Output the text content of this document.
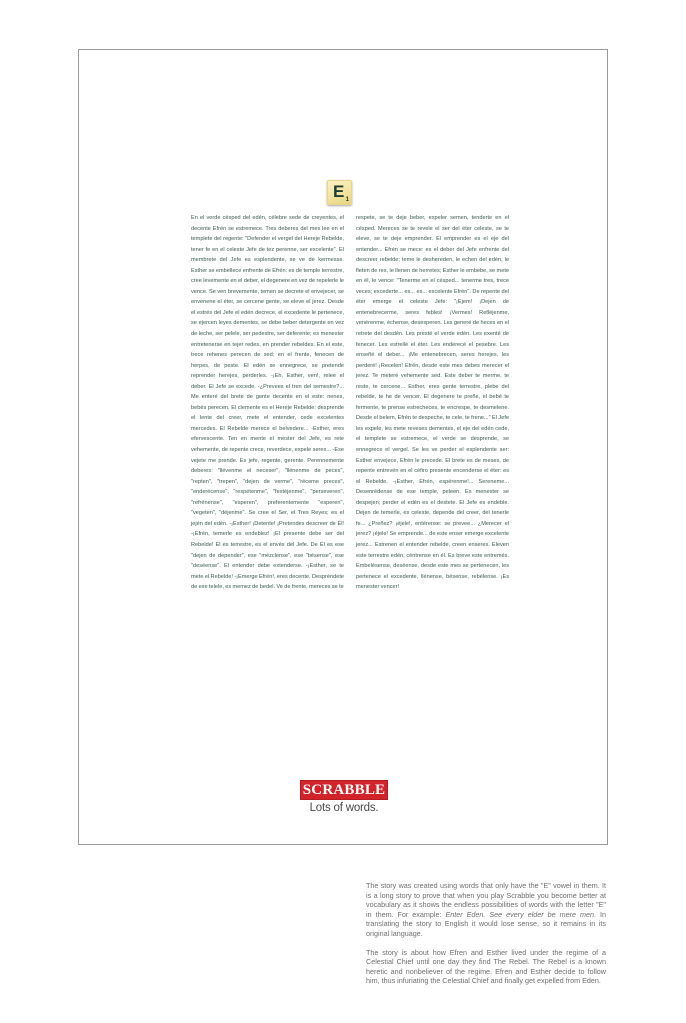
E 1
En el verde césped del edén, célebre sede de creyentes, el decente Efrén se estremece. Tres deberes del mes lee en el templete del regente: "Defender el vergel del Hereje Rebelde, tener fe en el celeste Jefe de tez perenne, ser excelente". El membrete del Jefe es esplendente, se ve de kermesse. Esther se embellece enfrente de Efrén: es de temple terrestre, cree levemente en el deber, el degenere en vez de repelerle le vence. Se ven brevemente, temen se decrete el envejecer, se envenene el éter, se cercene gente, se eleve el jerez. Desde el estrés del Jefe el edén decrece, el excedente le pertenece, se ejercen leyes dementes, se debe beber detergente en vez de leche, ser pelele, ser pedestre, ser deferente; es menester entretenerse en tejer redes, en prender rebeldes. En el este, trece rehenes perecen de sed; en el frente, fenecen de herpes, de peste. El edén se ennegrece, se pretende reprender herejes, perderles. -¡Eh, Esther, ven!, relee el deber. El Jefe se excede. -¿Prevees el tren del semestre?... Me enteré del brete de gente decente en el este: nenes, bebés perecen. El clemente es el Hereje Rebelde: desprende el lente del creer, mete el entender, cede excelentes mercedes. El Rebelde merece el belvedere... -Esther, eres efervescente. Ten en mente el mester del Jefe, es rete vehemente, de repente crece, reverdece, expele seres... -Ese vejete me prende. Es jefe, regente, gerente. Perennemente deberes: "llévenme el neceser", "llénenme de peces", "repten", "trepen", "dejen de verme", "réceme preces", "enderécense", "respétenme", "festéjenme", "perseveren", "refrénense", "esperen", preferentemente "esperen", "vegeten", "déjenme". Se cree el Ser, el Tres Reyes; es el jején del edén. -¡Esther! ¡Detente! ¡Pretendes descreer de Él! -¡Efrén, temerle es endeblez! ¡El presente debe ser del Rebelde! Él es terrestre, es el envés del Jefe. De Él es ese "dejen de depender", ese "mézclense", ese "bésense", ese "deséense". El entender debe extenderse. -¡Esther, se te mete el Rebelde! -¡Emerge Efrén!, eres decente. Despréndete de ese telele, es memez de bedel. Ve de frente, mereces se te
respete, se te deje beber, expeler semen, tenderte en el césped. Mereces se te revele el ser del éter celeste, se te eleve, se te deje emprender. El emprender es el eje del entender... Efrén se mece: es el deber del Jefe enfrente del descreer rebelde; teme le deshereden, le echen del edén, le fleten de res, le llenen de herretes; Esther le embebe, se mete en él, le vence: "Tenerme en el césped... tenerme tres, trece veces; excederte... es... es... excelente Efrén". De repente del éter emerge el celeste Jefe: "¡Ejem! ¡Dejen de entenebrecerme, seres febles! ¡Vermes! Refléjenme, venérenme, échense, desesperen. Les generé de heces en el retrete del desdén. Les presté el verde edén. Les exenté de fenecer. Les estrellé el éter. Les enderecé el pesebre. Les enseñé el deber... ¡Me entenebrecen, seres herejes, les perderé! ¡Recelen! Efrén, desde este mes debes merecer el jerez. Te meteré vehemente sed. Este deber te merme, te reste, te cercene... Esther, eres gente terrestre, plebe del rebelde, te he de vencer. El degenere te preñe, el bebé te fermente, te prense estrecheces, te encrespe, te desmelene. Desde el belem, Efrén te despeche, te cele, te frene..." El Jefe les expele, les mete reveses dementes, el eje del edén cede, el templete se estremece, el verde se desprende, se ennegrece el vergel. Se les ve perder el esplendente ser: Esther envejece, Efrén le precede. El brete es de meses, de repente entrevén en el céfiro presente encenderse el éter: es el Rebelde. -¡Esther, Efrén, espérenme!... Sereneme... Desenrédense de ese temple, peleen. Es menester se despejen; perder el edén es el destete. El Jefe es endeble. Dejen de temerle, es celeste, depende del creer, del tenerle fe... ¿Preñez? ¡éjele!, entérense: se prevee... ¿Merecer el jerez? ¡éjele! Se emprende... de este enser emerge excelente jerez... Estrenen el entender rebelde, creen enseres. Eleven este terrestre edén, céntrense en él. Es breve este entremés. Embelésense, deséense, desde este mes se pertenecen, les pertenece el excedente, llénense, bésense, rebélense. ¡Es menester vencer!
SCRABBLE
Lots of words.

The story was created using words that only have the "E" vowel in them. It is a long story to prove that when you play Scrabble you become better at vocabulary as it shows the endless possibilities of words with the letter "E" in them. For example: Enter Eden. See every elder be mere men. In translating the story to English it would lose sense, so it remains in its original language.

The story is about how Efren and Esther lived under the regime of a Celestial Chief until one day they find The Rebel. The Rebel is a known heretic and nonbeliever of the regime. Efren and Esther decide to follow him, thus infuriating the Celestial Chief and finally get expelled from Eden.
